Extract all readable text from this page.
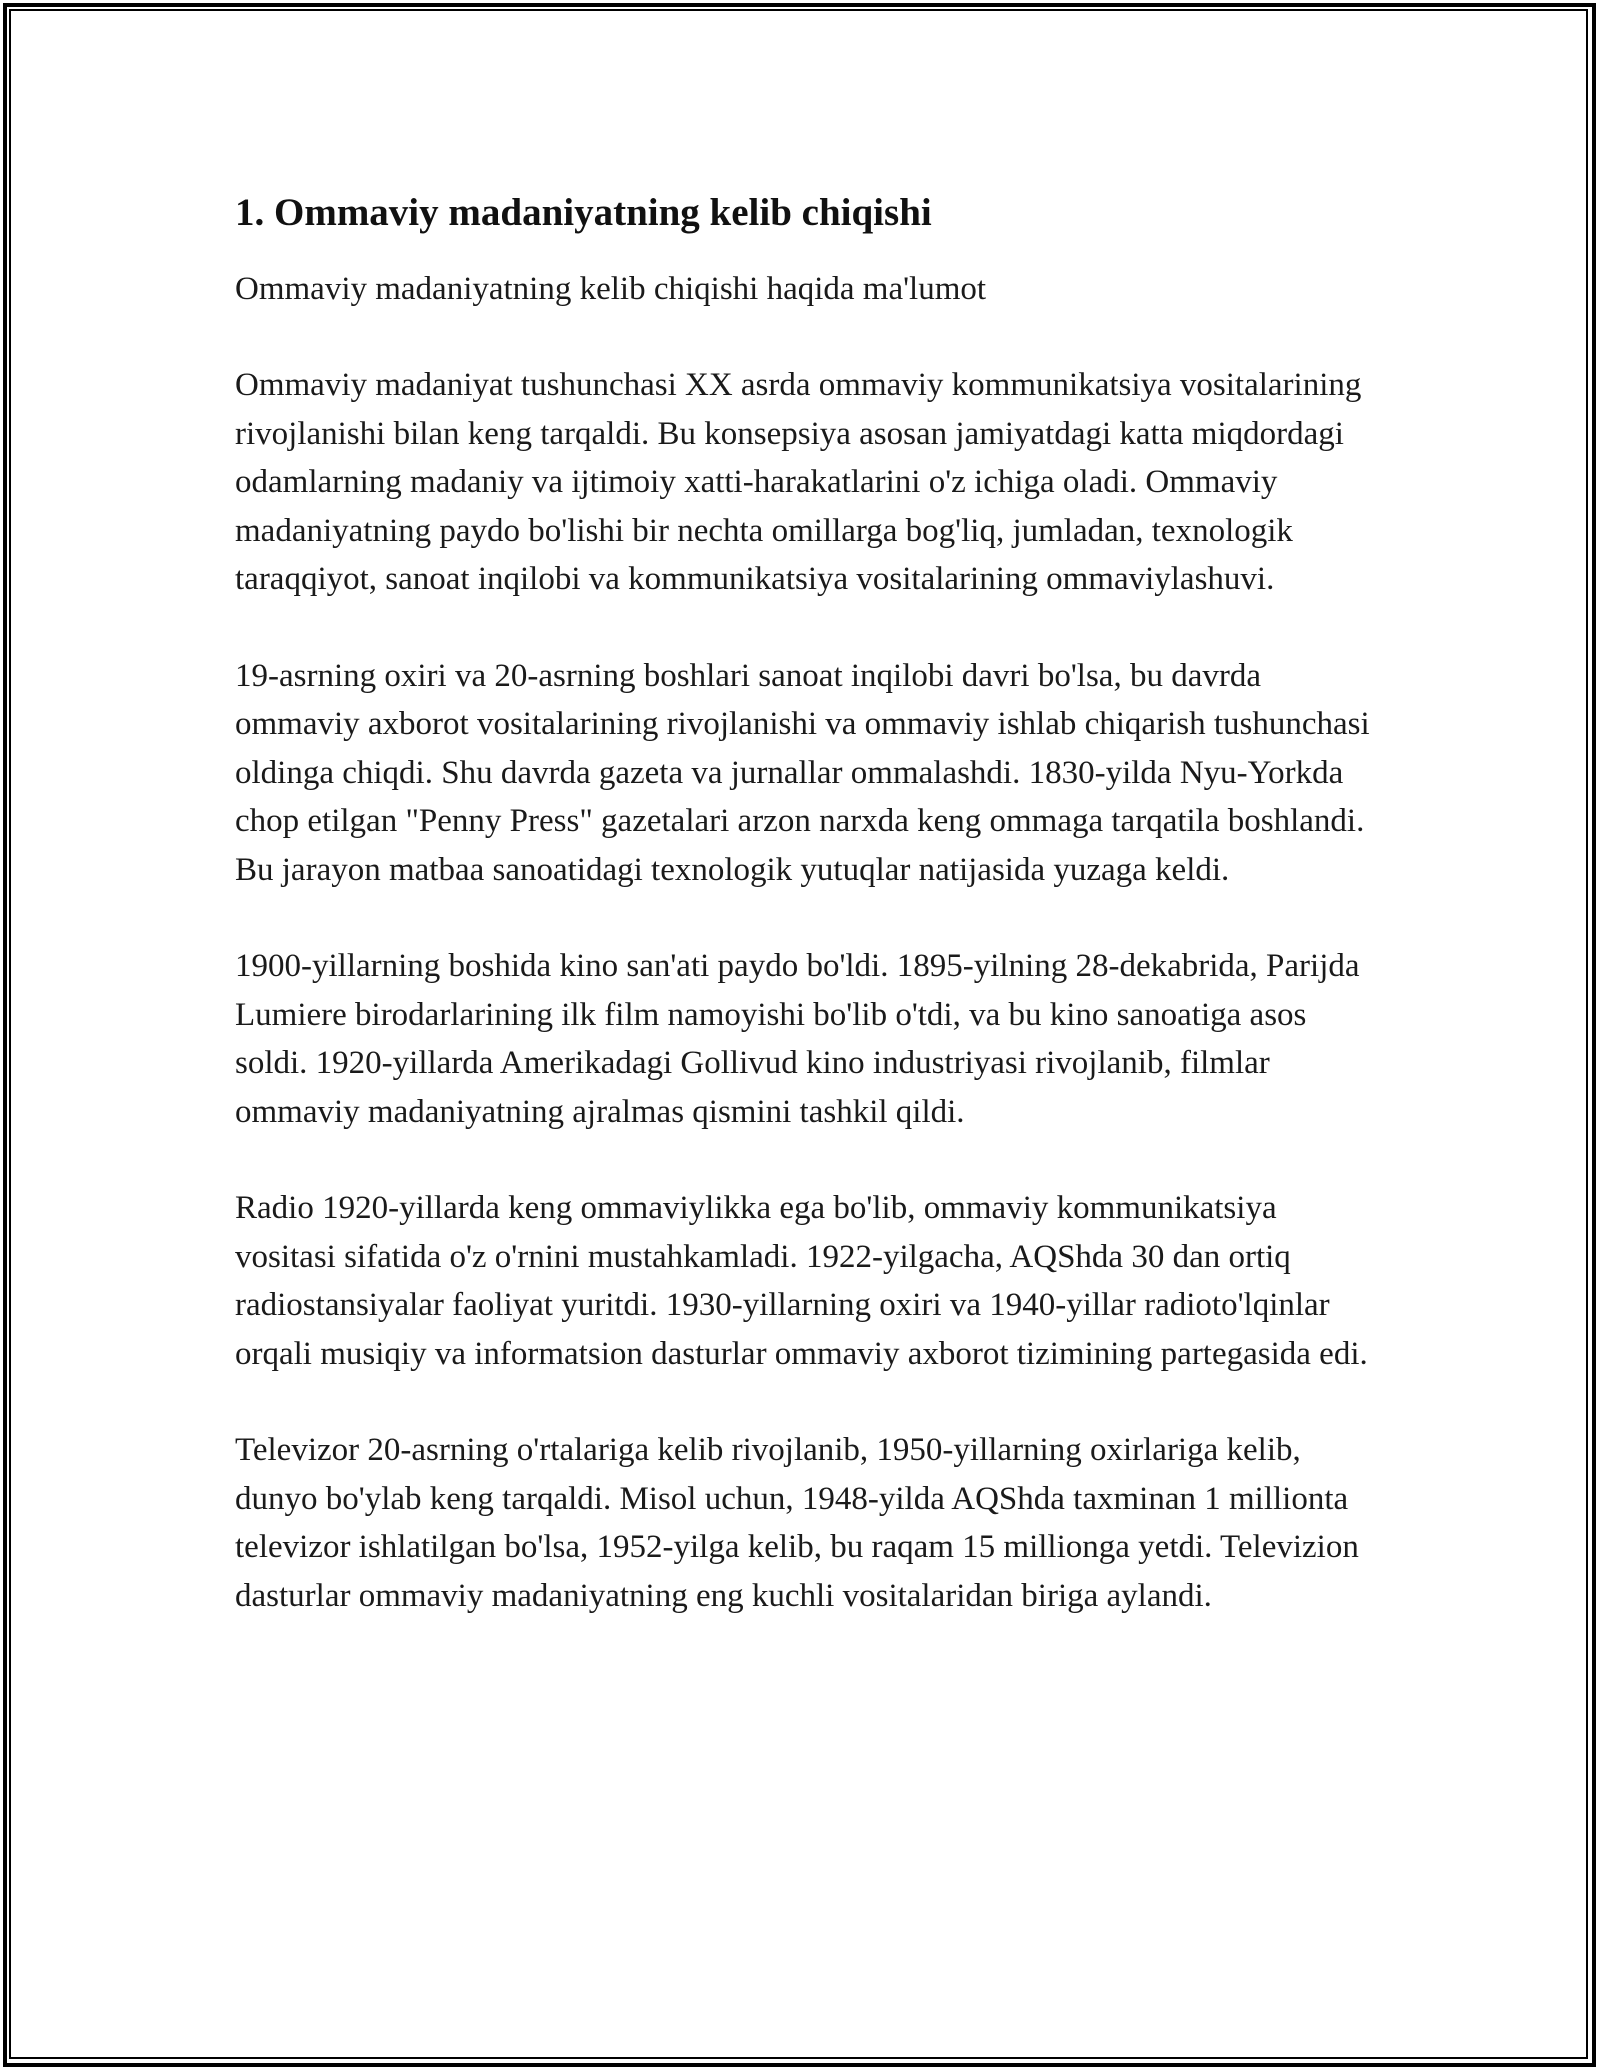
1. Ommaviy madaniyatning kelib chiqishi

Ommaviy madaniyatning kelib chiqishi haqida ma'lumot

Ommaviy madaniyat tushunchasi XX asrda ommaviy kommunikatsiya vositalarining rivojlanishi bilan keng tarqaldi. Bu konsepsiya asosan jamiyatdagi katta miqdordagi odamlarning madaniy va ijtimoiy xatti-harakatlarini o'z ichiga oladi. Ommaviy madaniyatning paydo bo'lishi bir nechta omillarga bog'liq, jumladan, texnologik taraqqiyot, sanoat inqilobi va kommunikatsiya vositalarining ommaviylashuvi.

19-asrning oxiri va 20-asrning boshlari sanoat inqilobi davri bo'lsa, bu davrda ommaviy axborot vositalarining rivojlanishi va ommaviy ishlab chiqarish tushunchasi oldinga chiqdi. Shu davrda gazeta va jurnallar ommalashdi. 1830-yilda Nyu-Yorkda chop etilgan "Penny Press" gazetalari arzon narxda keng ommaga tarqatila boshlandi. Bu jarayon matbaa sanoatidagi texnologik yutuqlar natijasida yuzaga keldi.

1900-yillarning boshida kino san'ati paydo bo'ldi. 1895-yilning 28-dekabrida, Parijda Lumiere birodarlarining ilk film namoyishi bo'lib o'tdi, va bu kino sanoatiga asos soldi. 1920-yillarda Amerikadagi Gollivud kino industriyasi rivojlanib, filmlar ommaviy madaniyatning ajralmas qismini tashkil qildi.

Radio 1920-yillarda keng ommaviylikka ega bo'lib, ommaviy kommunikatsiya vositasi sifatida o'z o'rnini mustahkamladi. 1922-yilgacha, AQShda 30 dan ortiq radiostansiyalar faoliyat yuritdi. 1930-yillarning oxiri va 1940-yillar radioto'lqinlar orqali musiqiy va informatsion dasturlar ommaviy axborot tizimining partegasida edi.

Televizor 20-asrning o'rtalariga kelib rivojlanib, 1950-yillarning oxirlariga kelib, dunyo bo'ylab keng tarqaldi. Misol uchun, 1948-yilda AQShda taxminan 1 millionta televizor ishlatilgan bo'lsa, 1952-yilga kelib, bu raqam 15 millionga yetdi. Televizion dasturlar ommaviy madaniyatning eng kuchli vositalaridan biriga aylandi.
